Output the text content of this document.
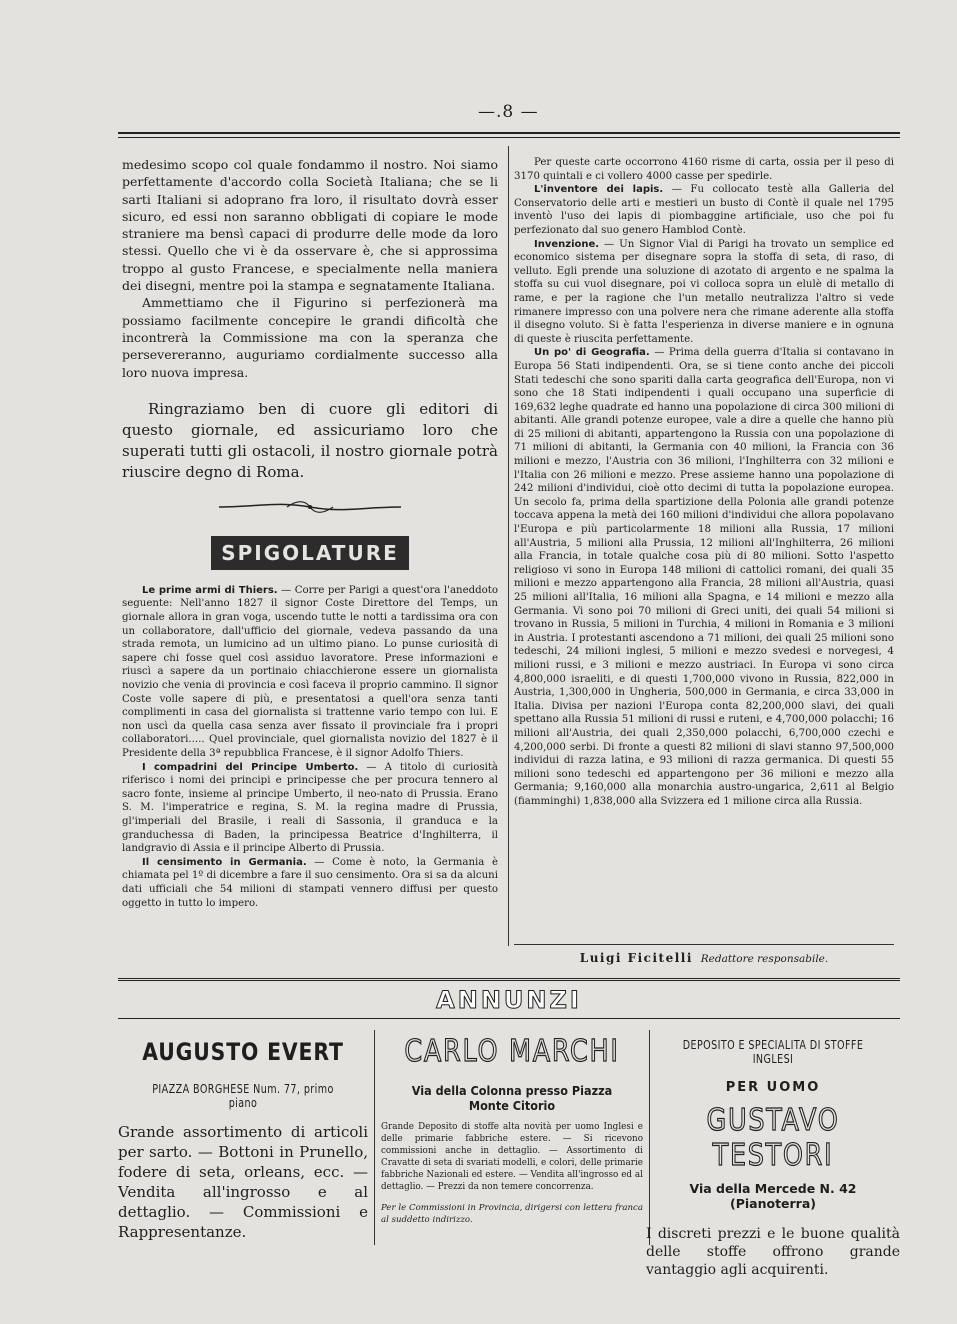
—.8 —

medesimo scopo col quale fondammo il nostro. Noi siamo perfettamente d'accordo colla Società Italiana; che se li sarti Italiani si adoprano fra loro, il risultato dovrà esser sicuro, ed essi non saranno obbligati di copiare le mode straniere ma bensì capaci di produrre delle mode da loro stessi. Quello che vi è da osservare è, che si approssima troppo al gusto Francese, e specialmente nella maniera dei disegni, mentre poi la stampa e segnatamente Italiana.

Ammettiamo che il Figurino si perfezionerà ma possiamo facilmente concepire le grandi dificoltà che incontrerà la Commissione ma con la speranza che persevereranno, auguriamo cordialmente successo alla loro nuova impresa.

Ringraziamo ben di cuore gli editori di questo giornale, ed assicuriamo loro che superati tutti gli ostacoli, il nostro giornale potrà riuscire degno di Roma.

SPIGOLATURE

Le prime armi di Thiers. — Corre per Parigi a quest'ora l'aneddoto seguente: Nell'anno 1827 il signor Coste Direttore del Temps, un giornale allora in gran voga, uscendo tutte le notti a tardissima ora con un collaboratore, dall'ufficio del giornale, vedeva passando da una strada remota, un lumicino ad un ultimo piano. Lo punse curiosità di sapere chi fosse quel così assiduo lavoratore. Prese informazioni e riuscì a sapere da un portinaio chiacchierone essere un giornalista novizio che venia di provincia e così faceva il proprio cammino. Il signor Coste volle sapere di più, e presentatosi a quell'ora senza tanti complimenti in casa del giornalista si trattenne vario tempo con lui. E non uscì da quella casa senza aver fissato il provinciale fra i propri collaboratori..... Quel provinciale, quel giornalista novizio del 1827 è il Presidente della 3ª repubblica Francese, è il signor Adolfo Thiers.

I compadrini del Principe Umberto. — A titolo di curiosità riferisco i nomi dei principi e principesse che per procura tennero al sacro fonte, insieme al principe Umberto, il neo-nato di Prussia. Erano S. M. l'imperatrice e regina, S. M. la regina madre di Prussia, gl'imperiali del Brasile, i reali di Sassonia, il granduca e la granduchessa di Baden, la principessa Beatrice d'Inghilterra, il landgravio di Assia e il principe Alberto di Prussia.

Il censimento in Germania. — Come è noto, la Germania è chiamata pel 1º di dicembre a fare il suo censimento. Ora si sa da alcuni dati ufficiali che 54 milioni di stampati vennero diffusi per questo oggetto in tutto lo impero.

Per queste carte occorrono 4160 risme di carta, ossia per il peso di 3170 quintali e ci vollero 4000 casse per spedirle.

L'inventore dei lapis. — Fu collocato testè alla Galleria del Conservatorio delle arti e mestieri un busto di Contè il quale nel 1795 inventò l'uso dei lapis di piombaggine artificiale, uso che poi fu perfezionato dal suo genero Hamblod Contè.

Invenzione. — Un Signor Vial di Parigi ha trovato un semplice ed economico sistema per disegnare sopra la stoffa di seta, di raso, di velluto. Egli prende una soluzione di azotato di argento e ne spalma la stoffa su cui vuol disegnare, poi vi colloca sopra un elulè di metallo di rame, e per la ragione che l'un metallo neutralizza l'altro si vede rimanere impresso con una polvere nera che rimane aderente alla stoffa il disegno voluto. Si è fatta l'esperienza in diverse maniere e in ognuna di queste è riuscita perfettamente.

Un po' di Geografia. — Prima della guerra d'Italia si contavano in Europa 56 Stati indipendenti. Ora, se si tiene conto anche dei piccoli Stati tedeschi che sono spariti dalla carta geografica dell'Europa, non vi sono che 18 Stati indipendenti i quali occupano una superficie di 169,632 leghe quadrate ed hanno una popolazione di circa 300 milioni di abitanti. Alle grandi potenze europee, vale a dire a quelle che hanno più di 25 milioni di abitanti, appartengono la Russia con una popolazione di 71 milioni di abitanti, la Germania con 40 milioni, la Francia con 36 milioni e mezzo, l'Austria con 36 milioni, l'Inghilterra con 32 milioni e l'Italia con 26 milioni e mezzo. Prese assieme hanno una popolazione di 242 milioni d'individui, cioè otto decimi di tutta la popolazione europea. Un secolo fa, prima della spartizione della Polonia alle grandi potenze toccava appena la metà dei 160 milioni d'individui che allora popolavano l'Europa e più particolarmente 18 milioni alla Russia, 17 milioni all'Austria, 5 milioni alla Prussia, 12 milioni all'Inghilterra, 26 milioni alla Francia, in totale qualche cosa più di 80 milioni. Sotto l'aspetto religioso vi sono in Europa 148 milioni di cattolici romani, dei quali 35 milioni e mezzo appartengono alla Francia, 28 milioni all'Austria, quasi 25 milioni all'Italia, 16 milioni alla Spagna, e 14 milioni e mezzo alla Germania. Vi sono poi 70 milioni di Greci uniti, dei quali 54 milioni si trovano in Russia, 5 milioni in Turchia, 4 milioni in Romania e 3 milioni in Austria. I protestanti ascendono a 71 milioni, dei quali 25 milioni sono tedeschi, 24 milioni inglesi, 5 milioni e mezzo svedesi e norvegesi, 4 milioni russi, e 3 milioni e mezzo austriaci. In Europa vi sono circa 4,800,000 israeliti, e di questi 1,700,000 vivono in Russia, 822,000 in Austria, 1,300,000 in Ungheria, 500,000 in Germania, e circa 33,000 in Italia. Divisa per nazioni l'Europa conta 82,200,000 slavi, dei quali spettano alla Russia 51 milioni di russi e ruteni, e 4,700,000 polacchi; 16 milioni all'Austria, dei quali 2,350,000 polacchi, 6,700,000 czechi e 4,200,000 serbi. Di fronte a questi 82 milioni di slavi stanno 97,500,000 individui di razza latina, e 93 milioni di razza germanica. Di questi 55 milioni sono tedeschi ed appartengono per 36 milioni e mezzo alla Germania; 9,160,000 alla monarchia austro-ungarica, 2,611 al Belgio (fiamminghi) 1,838,000 alla Svizzera ed 1 milione circa alla Russia.

Luigi Ficitelli Redattore responsabile.
ANNUNZI
AUGUSTO EVERT
PIAZZA BORGHESE Num. 77, primo piano
Grande assortimento di articoli per sarto. — Bottoni in Prunello, fodere di seta, orleans, ecc. — Vendita all'ingrosso e al dettaglio. — Commissioni e Rappresentanze.
CARLO MARCHI
Via della Colonna presso Piazza Monte Citorio
Grande Deposito di stoffe alta novità per uomo Inglesi e delle primarie fabbriche estere. — Si ricevono commissioni anche in dettaglio. — Assortimento di Cravatte di seta di svariati modelli, e colori, delle primarie fabbriche Nazionali ed estere. — Vendita all'ingrosso ed al dettaglio. — Prezzi da non temere concorrenza.
Per le Commissioni in Provincia, dirigersi con lettera franca al suddetto indirizzo.
DEPOSITO E SPECIALITA DI STOFFE INGLESI
PER UOMO
GUSTAVO TESTORI
Via della Mercede N. 42 (Pianoterra)
I discreti prezzi e le buone qualità delle stoffe offrono grande vantaggio agli acquirenti.
